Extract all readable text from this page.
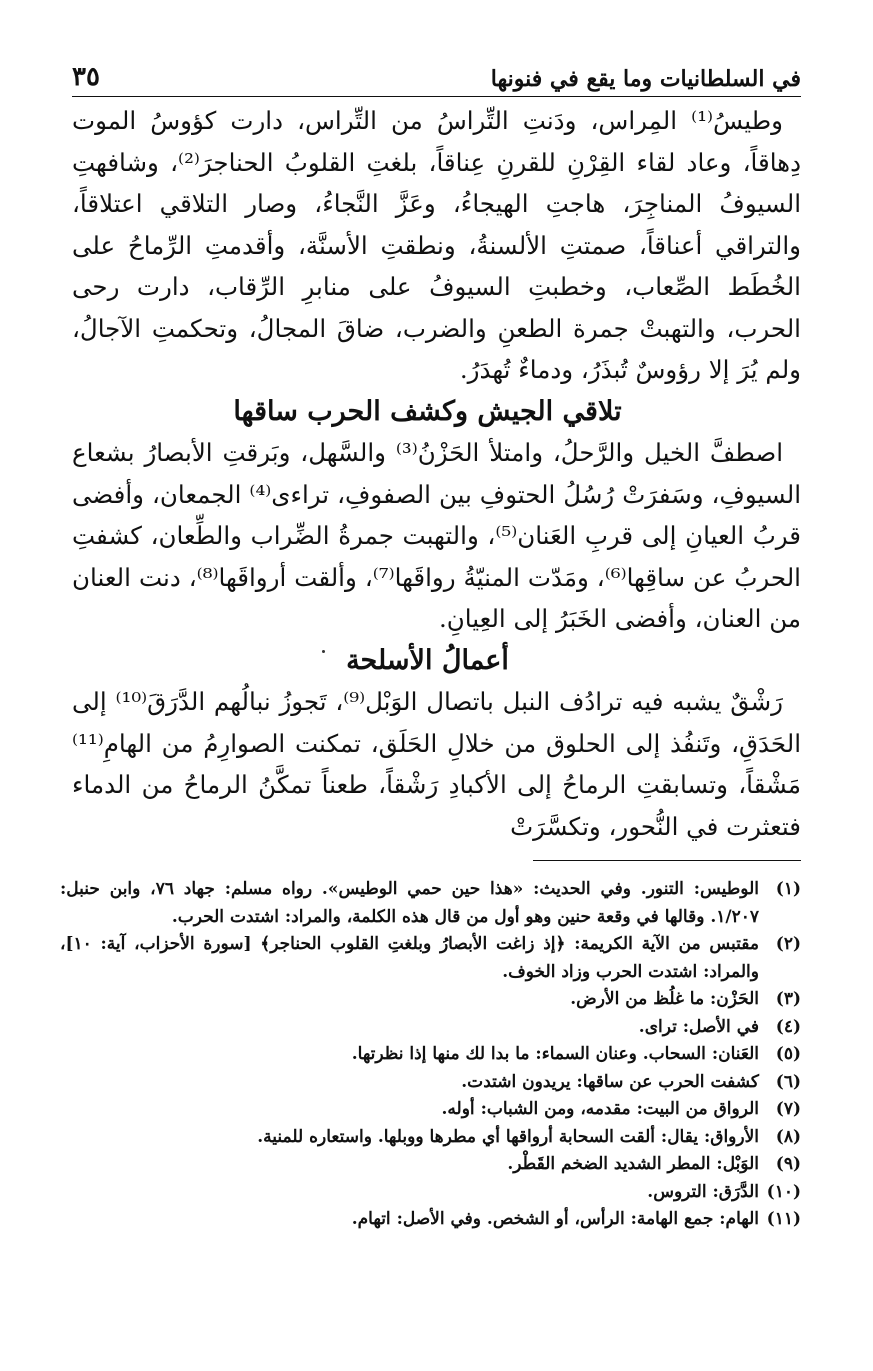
في السلطانيات وما يقع في فنونها
٣٥

وطيسُ⁽¹⁾ المِراس، ودَنتِ التِّراسُ من التِّراس، دارت كؤوسُ الموت دِهاقاً، وعاد لقاء القِرْنِ للقرنِ عِناقاً، بلغتِ القلوبُ الحناجرَ⁽²⁾، وشافهتِ السيوفُ المناجِرَ، هاجتِ الهيجاءُ، وعَزَّ النَّجاءُ، وصار التلاقي اعتلاقاً، والتراقي أعناقاً، صمتتِ الألسنةُ، ونطقتِ الأسنَّة، وأقدمتِ الرِّماحُ على الخُطَط الصِّعاب، وخطبتِ السيوفُ على منابرِ الرِّقاب، دارت رحى الحرب، والتهبتْ جمرة الطعنِ والضرب، ضاقَ المجالُ، وتحكمتِ الآجالُ، ولم يُرَ إلا رؤوسٌ تُبذَرُ، ودماءٌ تُهدَرُ.

تلاقي الجيش وكشف الحرب ساقها

اصطفَّ الخيل والرَّحلُ، وامتلأ الحَزْنُ⁽³⁾ والسَّهل، وبَرقتِ الأبصارُ بشعاع السيوفِ، وسَفرَتْ رُسُلُ الحتوفِ بين الصفوفِ، تراءى⁽⁴⁾ الجمعان، وأفضى قربُ العيانِ إلى قربِ العَنان⁽⁵⁾، والتهبت جمرةُ الضِّراب والطِّعان، كشفتِ الحربُ عن ساقِها⁽⁶⁾، ومَدّت المنيّةُ رواقَها⁽⁷⁾، وألقت أرواقَها⁽⁸⁾، دنت العنان من العنان، وأفضى الخَبَرُ إلى العِيانِ.

أعمالُ الأسلحة

رَشْقٌ يشبه فيه ترادُف النبل باتصال الوَبْل⁽⁹⁾، تَجوزُ نبالُهم الدَّرَقَ⁽¹⁰⁾ إلى الحَدَقِ، وتَنفُذ إلى الحلوق من خلالِ الحَلَق، تمكنت الصوارِمُ من الهامِ⁽¹¹⁾ مَشْقاً، وتسابقتِ الرماحُ إلى الأكبادِ رَشْقاً، طعناً تمكَّنُ الرماحُ من الدماء فتعثرت في النُّحور، وتكسَّرَتْ

(١)
الوطيس: التنور. وفي الحديث: «هذا حين حمي الوطيس». رواه مسلم: جهاد ٧٦، وابن حنبل: ١/٢٠٧. وقالها في وقعة حنين وهو أول من قال هذه الكلمة، والمراد: اشتدت الحرب.
(٢)
مقتبس من الآية الكريمة: ﴿إذ زاغت الأبصارُ وبلغتِ القلوب الحناجر﴾ [سورة الأحزاب، آية: ١٠]، والمراد: اشتدت الحرب وزاد الخوف.
(٣)
الحَزْن: ما غلُظ من الأرض.
(٤)
في الأصل: تراى.
(٥)
العَنان: السحاب. وعنان السماء: ما بدا لك منها إذا نظرتها.
(٦)
كشفت الحرب عن ساقها: يريدون اشتدت.
(٧)
الرواق من البيت: مقدمه، ومن الشباب: أوله.
(٨)
الأرواق: يقال: ألقت السحابة أرواقها أي مطرها ووبلها. واستعاره للمنية.
(٩)
الوَبْل: المطر الشديد الضخم القَطْر.
(١٠)
الدَّرَق: التروس.
(١١)
الهام: جمع الهامة: الرأس، أو الشخص. وفي الأصل: اتهام.
